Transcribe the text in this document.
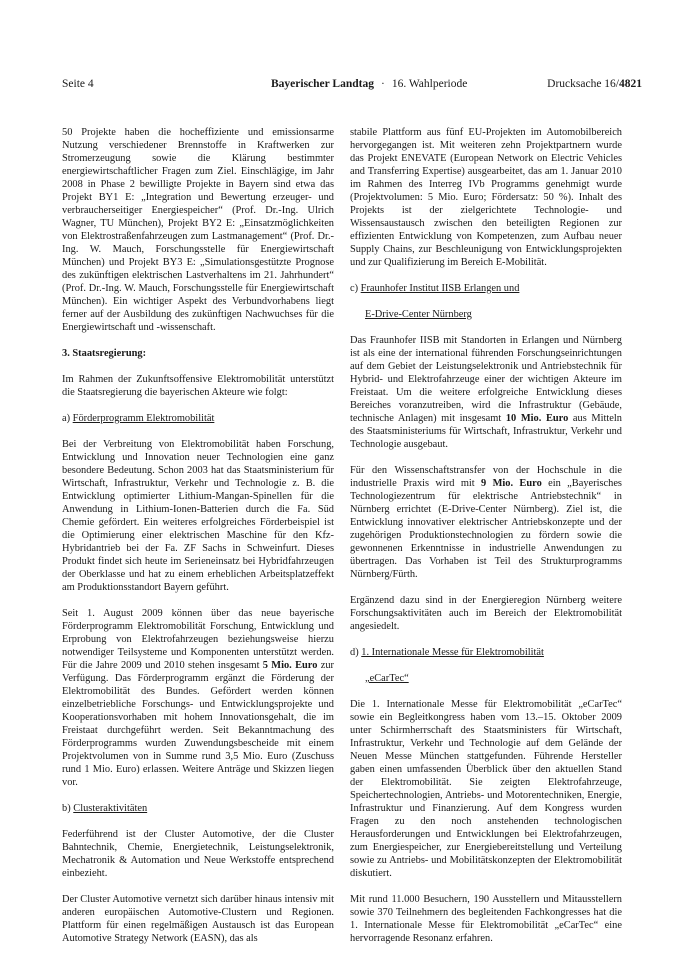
Seite 4	Bayerischer Landtag · 16. Wahlperiode	Drucksache 16/4821

50 Projekte haben die hocheffiziente und emissionsarme Nutzung verschiedener Brennstoffe in Kraftwerken zur Stromerzeugung sowie die Klärung bestimmter energiewirtschaftlicher Fragen zum Ziel. Einschlägige, im Jahr 2008 in Phase 2 bewilligte Projekte in Bayern sind etwa das Projekt BY1 E: „Integration und Bewertung erzeuger- und verbraucherseitiger Energiespeicher“ (Prof. Dr.-Ing. Ulrich Wagner, TU München), Projekt BY2 E: „Einsatzmöglichkeiten von Elektrostraßenfahrzeugen zum Lastmanagement“ (Prof. Dr.-Ing. W. Mauch, Forschungsstelle für Energiewirtschaft München) und Projekt BY3 E: „Simulationsgestützte Prognose des zukünftigen elektrischen Lastverhaltens im 21. Jahrhundert“ (Prof. Dr.-Ing. W. Mauch, Forschungsstelle für Energiewirtschaft München). Ein wichtiger Aspekt des Verbundvorhabens liegt ferner auf der Ausbildung des zukünftigen Nachwuchses für die Energiewirtschaft und -wissenschaft.

3. Staatsregierung:

Im Rahmen der Zukunftsoffensive Elektromobilität unterstützt die Staatsregierung die bayerischen Akteure wie folgt:

a) Förderprogramm Elektromobilität

Bei der Verbreitung von Elektromobilität haben Forschung, Entwicklung und Innovation neuer Technologien eine ganz besondere Bedeutung. Schon 2003 hat das Staatsministerium für Wirtschaft, Infrastruktur, Verkehr und Technologie z. B. die Entwicklung optimierter Lithium-Mangan-Spinellen für die Anwendung in Lithium-Ionen-Batterien durch die Fa. Süd Chemie gefördert. Ein weiteres erfolgreiches Förderbeispiel ist die Optimierung einer elektrischen Maschine für den Kfz-Hybridantrieb bei der Fa. ZF Sachs in Schweinfurt. Dieses Produkt findet sich heute im Serieneinsatz bei Hybridfahrzeugen der Oberklasse und hat zu einem erheblichen Arbeitsplatzeffekt am Produktionsstandort Bayern geführt.

Seit 1. August 2009 können über das neue bayerische Förderprogramm Elektromobilität Forschung, Entwicklung und Erprobung von Elektrofahrzeugen beziehungsweise hierzu notwendiger Teilsysteme und Komponenten unterstützt werden. Für die Jahre 2009 und 2010 stehen insgesamt 5 Mio. Euro zur Verfügung. Das Förderprogramm ergänzt die Förderung der Elektromobilität des Bundes. Gefördert werden können einzelbetriebliche Forschungs- und Entwicklungsprojekte und Kooperationsvorhaben mit hohem Innovationsgehalt, die im Freistaat durchgeführt werden. Seit Bekanntmachung des Förderprogramms wurden Zuwendungsbescheide mit einem Projektvolumen von in Summe rund 3,5 Mio. Euro (Zuschuss rund 1 Mio. Euro) erlassen. Weitere Anträge und Skizzen liegen vor.

b) Clusteraktivitäten

Federführend ist der Cluster Automotive, der die Cluster Bahntechnik, Chemie, Energietechnik, Leistungselektronik, Mechatronik & Automation und Neue Werkstoffe entsprechend einbezieht.

Der Cluster Automotive vernetzt sich darüber hinaus intensiv mit anderen europäischen Automotive-Clustern und Regionen. Plattform für einen regelmäßigen Austausch ist das European Automotive Strategy Network (EASN), das als

stabile Plattform aus fünf EU-Projekten im Automobilbereich hervorgegangen ist. Mit weiteren zehn Projektpartnern wurde das Projekt ENEVATE (European Network on Electric Vehicles and Transferring Expertise) ausgearbeitet, das am 1. Januar 2010 im Rahmen des Interreg IVb Programms genehmigt wurde (Projektvolumen: 5 Mio. Euro; Fördersatz: 50 %). Inhalt des Projekts ist der zielgerichtete Technologie- und Wissensaustausch zwischen den beteiligten Regionen zur effizienten Entwicklung von Kompetenzen, zum Aufbau neuer Supply Chains, zur Beschleunigung von Entwicklungsprojekten und zur Qualifizierung im Bereich E-Mobilität.

c) Fraunhofer Institut IISB Erlangen und

E-Drive-Center Nürnberg

Das Fraunhofer IISB mit Standorten in Erlangen und Nürnberg ist als eine der international führenden Forschungseinrichtungen auf dem Gebiet der Leistungselektronik und Antriebstechnik für Hybrid- und Elektrofahrzeuge einer der wichtigen Akteure im Freistaat. Um die weitere erfolgreiche Entwicklung dieses Bereiches voranzutreiben, wird die Infrastruktur (Gebäude, technische Anlagen) mit insgesamt 10 Mio. Euro aus Mitteln des Staatsministeriums für Wirtschaft, Infrastruktur, Verkehr und Technologie ausgebaut.

Für den Wissenschaftstransfer von der Hochschule in die industrielle Praxis wird mit 9 Mio. Euro ein „Bayerisches Technologiezentrum für elektrische Antriebstechnik“ in Nürnberg errichtet (E-Drive-Center Nürnberg). Ziel ist, die Entwicklung innovativer elektrischer Antriebskonzepte und der zugehörigen Produktionstechnologien zu fördern sowie die gewonnenen Erkenntnisse in industrielle Anwendungen zu übertragen. Das Vorhaben ist Teil des Strukturprogramms Nürnberg/Fürth.

Ergänzend dazu sind in der Energieregion Nürnberg weitere Forschungsaktivitäten auch im Bereich der Elektromobilität angesiedelt.

d) 1. Internationale Messe für Elektromobilität

„eCarTec“

Die 1. Internationale Messe für Elektromobilität „eCarTec“ sowie ein Begleitkongress haben vom 13.–15. Oktober 2009 unter Schirmherrschaft des Staatsministers für Wirtschaft, Infrastruktur, Verkehr und Technologie auf dem Gelände der Neuen Messe München stattgefunden. Führende Hersteller gaben einen umfassenden Überblick über den aktuellen Stand der Elektromobilität. Sie zeigten Elektrofahrzeuge, Speichertechnologien, Antriebs- und Motorentechniken, Energie, Infrastruktur und Finanzierung. Auf dem Kongress wurden Fragen zu den noch anstehenden technologischen Herausforderungen und Entwicklungen bei Elektrofahrzeugen, zum Energiespeicher, zur Energiebereitstellung und Verteilung sowie zu Antriebs- und Mobilitätskonzepten der Elektromobilität diskutiert.

Mit rund 11.000 Besuchern, 190 Ausstellern und Mitausstellern sowie 370 Teilnehmern des begleitenden Fachkongresses hat die 1. Internationale Messe für Elektromobilität „eCarTec“ eine hervorragende Resonanz erfahren.
